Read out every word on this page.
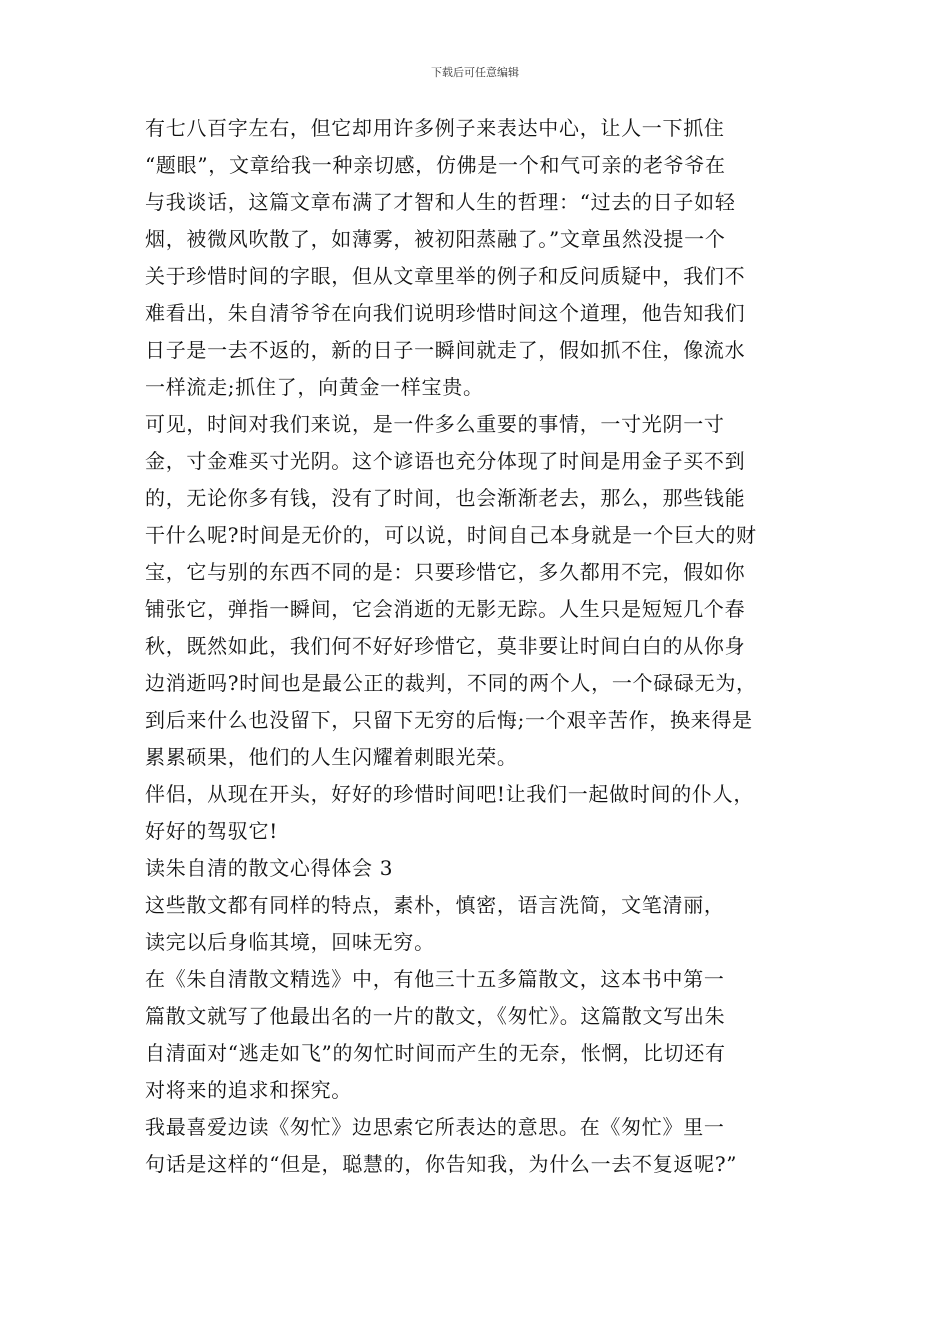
下载后可任意编辑
有七八百字左右，但它却用许多例子来表达中心，让人一下抓住
“题眼”，文章给我一种亲切感，仿佛是一个和气可亲的老爷爷在
与我谈话，这篇文章布满了才智和人生的哲理：“过去的日子如轻
烟，被微风吹散了，如薄雾，被初阳蒸融了。”文章虽然没提一个
关于珍惜时间的字眼，但从文章里举的例子和反问质疑中，我们不
难看出，朱自清爷爷在向我们说明珍惜时间这个道理，他告知我们
日子是一去不返的，新的日子一瞬间就走了，假如抓不住，像流水
一样流走;抓住了，向黄金一样宝贵。
可见，时间对我们来说，是一件多么重要的事情，一寸光阴一寸
金，寸金难买寸光阴。这个谚语也充分体现了时间是用金子买不到
的，无论你多有钱，没有了时间，也会渐渐老去，那么，那些钱能
干什么呢?时间是无价的，可以说，时间自己本身就是一个巨大的财
宝，它与别的东西不同的是：只要珍惜它，多久都用不完，假如你
铺张它，弹指一瞬间，它会消逝的无影无踪。人生只是短短几个春
秋，既然如此，我们何不好好珍惜它，莫非要让时间白白的从你身
边消逝吗?时间也是最公正的裁判，不同的两个人，一个碌碌无为，
到后来什么也没留下，只留下无穷的后悔;一个艰辛苦作，换来得是
累累硕果，他们的人生闪耀着刺眼光荣。
伴侣，从现在开头，好好的珍惜时间吧!让我们一起做时间的仆人，
好好的驾驭它!
读朱自清的散文心得体会 3
这些散文都有同样的特点，素朴，慎密，语言洗简，文笔清丽，
读完以后身临其境，回味无穷。
在《朱自清散文精选》中，有他三十五多篇散文，这本书中第一
篇散文就写了他最出名的一片的散文，《匆忙》。这篇散文写出朱
自清面对“逃走如飞”的匆忙时间而产生的无奈，怅惘，比切还有
对将来的追求和探究。
我最喜爱边读《匆忙》边思索它所表达的意思。在《匆忙》里一
句话是这样的“但是，聪慧的，你告知我，为什么一去不复返呢?”
